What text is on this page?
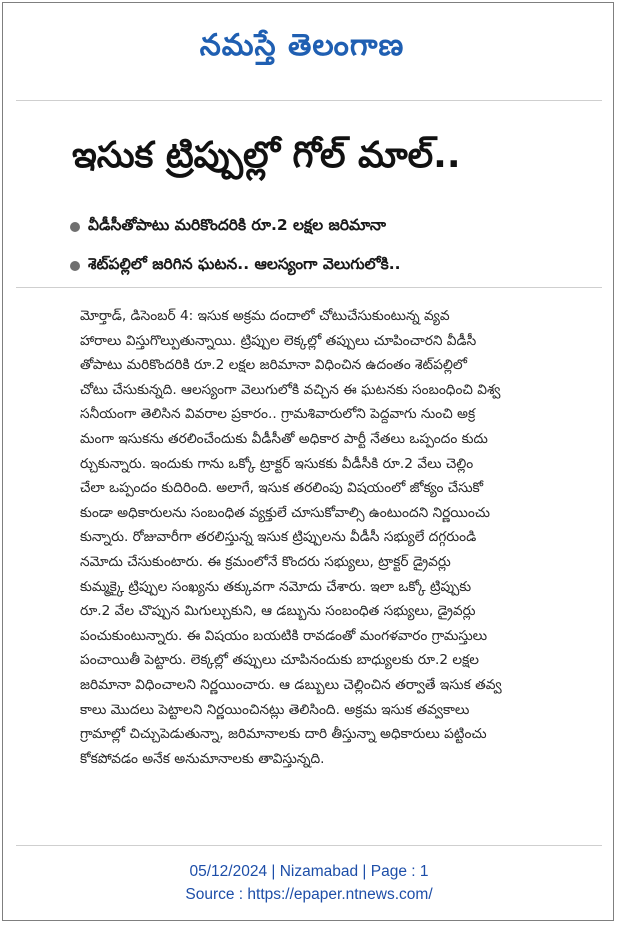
నమస్తే తెలంగాణ
ఇసుక ట్రిప్పుల్లో గోల్ మాల్..
వీడీసీతోపాటు మరికొందరికి రూ.2 లక్షల జరిమానా
శెట్‌పల్లిలో జరిగిన ఘటన.. ఆలస్యంగా వెలుగులోకి..
మోర్తాడ్, డిసెంబర్ 4: ఇసుక అక్రమ దందాలో చోటుచేసుకుంటున్న వ్యవ
హారాలు విస్తుగొల్పుతున్నాయి. ట్రిప్పుల లెక్కల్లో తప్పులు చూపించారని వీడీసీ
తోపాటు మరికొందరికి రూ.2 లక్షల జరిమానా విధించిన ఉదంతం శెట్‌పల్లిలో
చోటు చేసుకున్నది. ఆలస్యంగా వెలుగులోకి వచ్చిన ఈ ఘటనకు సంబంధించి విశ్వ
సనీయంగా తెలిసిన వివరాల ప్రకారం.. గ్రామశివారులోని పెద్దవాగు నుంచి అక్ర
మంగా ఇసుకను తరలించేందుకు వీడీసీతో అధికార పార్టీ నేతలు ఒప్పందం కుదు
ర్చుకున్నారు. ఇందుకు గాను ఒక్కో ట్రాక్టర్ ఇసుకకు వీడీసీకి రూ.2 వేలు చెల్లిం
చేలా ఒప్పందం కుదిరింది. అలాగే, ఇసుక తరలింపు విషయంలో జోక్యం చేసుకో
కుండా అధికారులను సంబంధిత వ్యక్తులే చూసుకోవాల్సి ఉంటుందని నిర్ణయించు
కున్నారు. రోజువారీగా తరలిస్తున్న ఇసుక ట్రిప్పులను వీడీసీ సభ్యులే దగ్గరుండి
నమోదు చేసుకుంటారు. ఈ క్రమంలోనే కొందరు సభ్యులు, ట్రాక్టర్ డ్రైవర్లు
కుమ్మక్కై ట్రిప్పుల సంఖ్యను తక్కువగా నమోదు చేశారు. ఇలా ఒక్కో ట్రిప్పుకు
రూ.2 వేల చొప్పున మిగుల్చుకుని, ఆ డబ్బును సంబంధిత సభ్యులు, డ్రైవర్లు
పంచుకుంటున్నారు. ఈ విషయం బయటికి రావడంతో మంగళవారం గ్రామస్తులు
పంచాయితీ పెట్టారు. లెక్కల్లో తప్పులు చూపినందుకు బాధ్యులకు రూ.2 లక్షల
జరిమానా విధించాలని నిర్ణయించారు. ఆ డబ్బులు చెల్లించిన తర్వాతే ఇసుక తవ్వ
కాలు మొదలు పెట్టాలని నిర్ణయించినట్లు తెలిసింది. అక్రమ ఇసుక తవ్వకాలు
గ్రామాల్లో చిచ్చుపెడుతున్నా, జరిమానాలకు దారి తీస్తున్నా అధికారులు పట్టించు
కోకపోవడం అనేక అనుమానాలకు తావిస్తున్నది.
05/12/2024 | Nizamabad | Page : 1
Source : https://epaper.ntnews.com/
